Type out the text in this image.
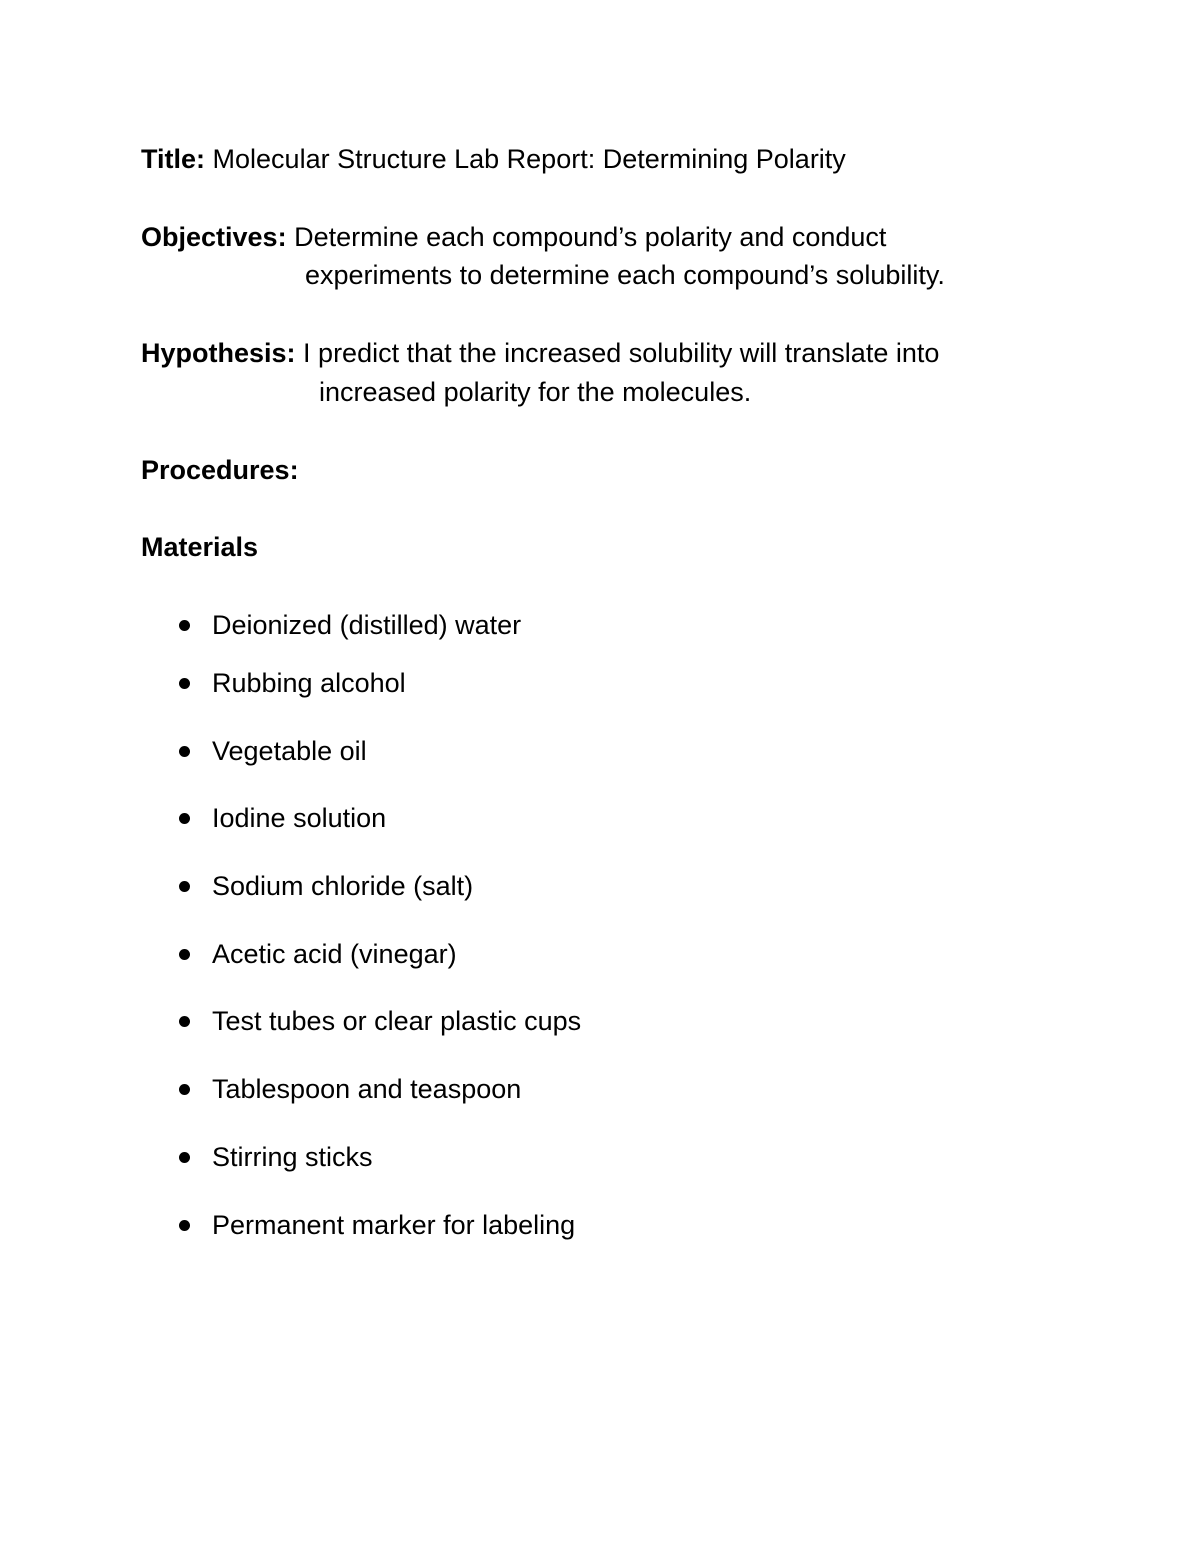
Title: Molecular Structure Lab Report: Determining Polarity
Objectives: Determine each compound’s polarity and conduct
experiments to determine each compound’s solubility.
Hypothesis: I predict that the increased solubility will translate into
increased polarity for the molecules.
Procedures:
Materials
Deionized (distilled) water
Rubbing alcohol
Vegetable oil
Iodine solution
Sodium chloride (salt)
Acetic acid (vinegar)
Test tubes or clear plastic cups
Tablespoon and teaspoon
Stirring sticks
Permanent marker for labeling
